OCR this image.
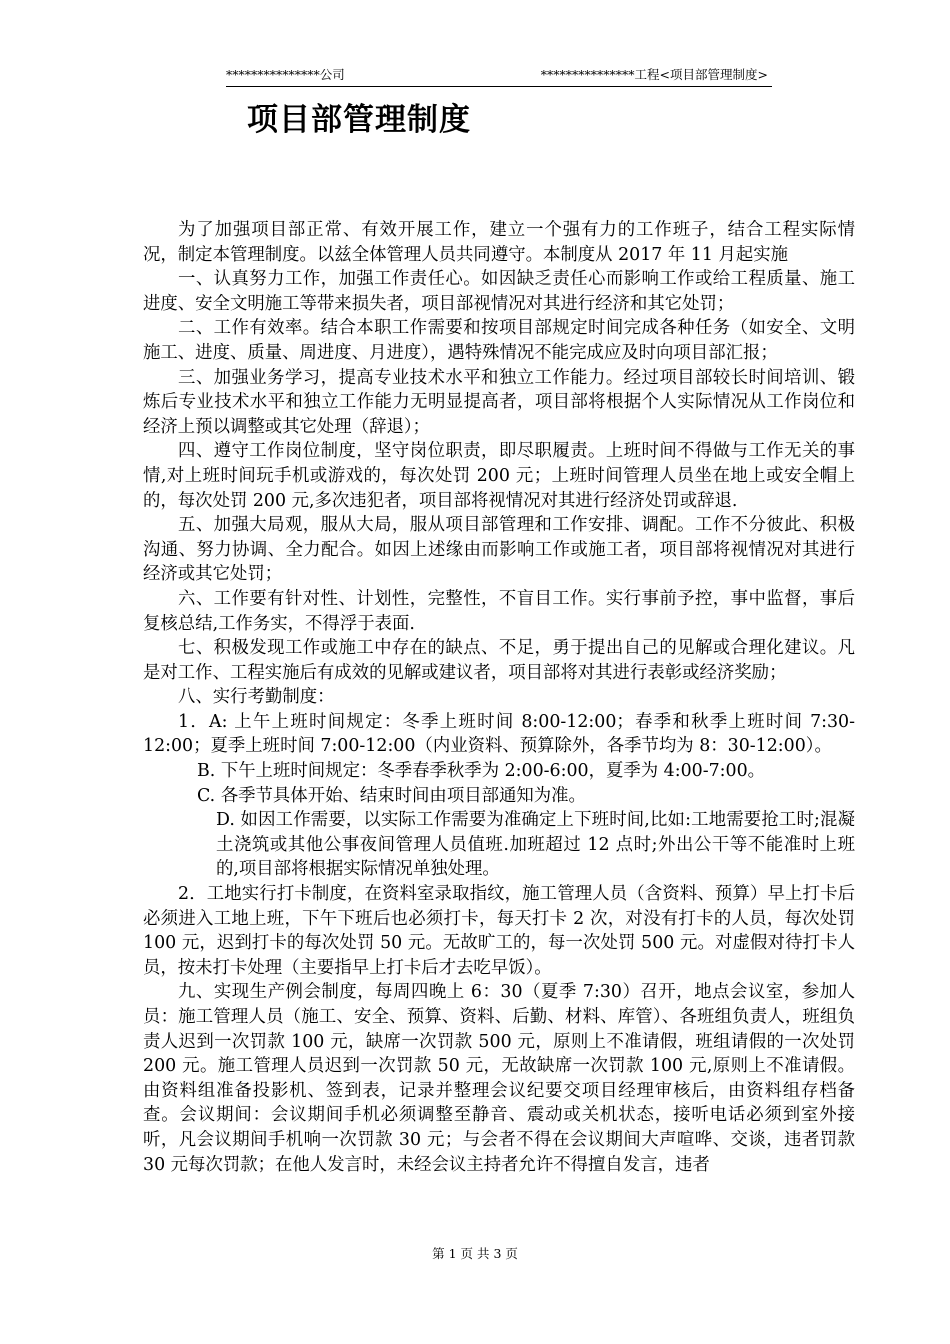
***************公司	***************工程<项目部管理制度>
项目部管理制度

为了加强项目部正常、有效开展工作，建立一个强有力的工作班子，结合工程实际情况，制定本管理制度。以兹全体管理人员共同遵守。本制度从 2017 年 11 月起实施

一、认真努力工作，加强工作责任心。如因缺乏责任心而影响工作或给工程质量、施工进度、安全文明施工等带来损失者，项目部视情况对其进行经济和其它处罚；

二、工作有效率。结合本职工作需要和按项目部规定时间完成各种任务（如安全、文明施工、进度、质量、周进度、月进度），遇特殊情况不能完成应及时向项目部汇报；

三、加强业务学习，提高专业技术水平和独立工作能力。经过项目部较长时间培训、锻炼后专业技术水平和独立工作能力无明显提高者，项目部将根据个人实际情况从工作岗位和经济上预以调整或其它处理（辞退）；

四、遵守工作岗位制度，坚守岗位职责，即尽职履责。上班时间不得做与工作无关的事情,对上班时间玩手机或游戏的，每次处罚 200 元；上班时间管理人员坐在地上或安全帽上的，每次处罚 200 元,多次违犯者，项目部将视情况对其进行经济处罚或辞退.

五、加强大局观，服从大局，服从项目部管理和工作安排、调配。工作不分彼此、积极沟通、努力协调、全力配合。如因上述缘由而影响工作或施工者，项目部将视情况对其进行经济或其它处罚；

六、工作要有针对性、计划性，完整性，不盲目工作。实行事前予控，事中监督，事后复核总结,工作务实，不得浮于表面.

七、积极发现工作或施工中存在的缺点、不足，勇于提出自己的见解或合理化建议。凡是对工作、工程实施后有成效的见解或建议者，项目部将对其进行表彰或经济奖励；

八、实行考勤制度：

1．A: 上午上班时间规定：冬季上班时间 8:00-12:00；春季和秋季上班时间 7:30-12:00；夏季上班时间 7:00-12:00（内业资料、预算除外，各季节均为 8：30-12:00）。

B. 下午上班时间规定：冬季春季秋季为 2:00-6:00，夏季为 4:00-7:00。

C. 各季节具体开始、结束时间由项目部通知为准。

D. 如因工作需要，以实际工作需要为准确定上下班时间,比如:工地需要抢工时;混凝土浇筑或其他公事夜间管理人员值班.加班超过 12 点时;外出公干等不能准时上班的,项目部将根据实际情况单独处理。

2．工地实行打卡制度，在资料室录取指纹，施工管理人员（含资料、预算）早上打卡后必须进入工地上班，下午下班后也必须打卡，每天打卡 2 次，对没有打卡的人员，每次处罚 100 元，迟到打卡的每次处罚 50 元。无故旷工的，每一次处罚 500 元。对虚假对待打卡人员，按未打卡处理（主要指早上打卡后才去吃早饭）。

九、实现生产例会制度，每周四晚上 6：30（夏季 7:30）召开，地点会议室，参加人员：施工管理人员（施工、安全、预算、资料、后勤、材料、库管）、各班组负责人，班组负责人迟到一次罚款 100 元，缺席一次罚款 500 元，原则上不准请假，班组请假的一次处罚 200 元。施工管理人员迟到一次罚款 50 元，无故缺席一次罚款 100 元,原则上不准请假。由资料组准备投影机、签到表，记录并整理会议纪要交项目经理审核后，由资料组存档备查。会议期间：会议期间手机必须调整至静音、震动或关机状态，接听电话必须到室外接听，凡会议期间手机响一次罚款 30 元；与会者不得在会议期间大声喧哗、交谈，违者罚款 30 元每次罚款；在他人发言时，未经会议主持者允许不得擅自发言，违者

第 1 页 共 3 页
